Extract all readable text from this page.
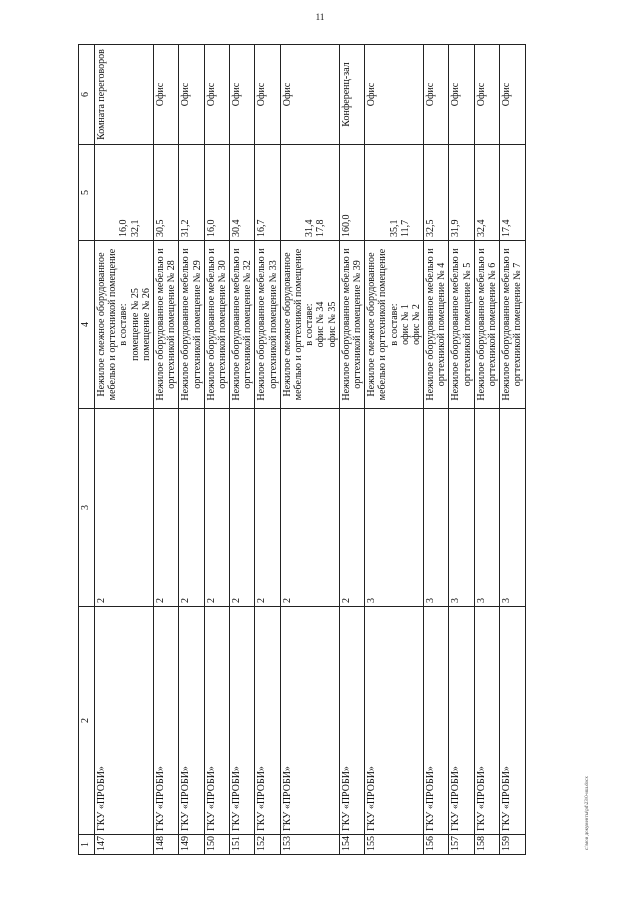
11
1	2	3	4	5	6
147	ГКУ «ПРОБИ»	2	Нежилое смежное оборудованное мебелью и оргтехникой помещение в составе: помещение № 25 помещение № 26	16,0 32,1	Комната переговоров
148	ГКУ «ПРОБИ»	2	Нежилое оборудованное мебелью и оргтехникой помещение № 28	30,5	Офис
149	ГКУ «ПРОБИ»	2	Нежилое оборудованное мебелью и оргтехникой помещение № 29	31,2	Офис
150	ГКУ «ПРОБИ»	2	Нежилое оборудованное мебелью и оргтехникой помещение № 30	16,0	Офис
151	ГКУ «ПРОБИ»	2	Нежилое оборудованное мебелью и оргтехникой помещение № 32	30,4	Офис
152	ГКУ «ПРОБИ»	2	Нежилое оборудованное мебелью и оргтехникой помещение № 33	16,7	Офис
153	ГКУ «ПРОБИ»	2	Нежилое смежное оборудованное мебелью и оргтехникой помещение в составе: офис № 34 офис № 35	31,4 17,8	Офис
154	ГКУ «ПРОБИ»	2	Нежилое оборудованное мебелью и оргтехникой помещение № 39	160,0	Конференц-зал
155	ГКУ «ПРОБИ»	3	Нежилое смежное оборудованное мебелью и оргтехникой помещение в составе: офис № 1 офис № 2	35,1 11,7	Офис
156	ГКУ «ПРОБИ»	3	Нежилое оборудованное мебелью и оргтехникой помещение № 4	32,5	Офис
157	ГКУ «ПРОБИ»	3	Нежилое оборудованное мебелью и оргтехникой помещение № 5	31,9	Офис
158	ГКУ «ПРОБИ»	3	Нежилое оборудованное мебелью и оргтехникой помещение № 6	32,4	Офис
159	ГКУ «ПРОБИ»	3	Нежилое оборудованное мебелью и оргтехникой помещение № 7	17,4	Офис
c:\мои документы\pd\23\0-иш.docx
